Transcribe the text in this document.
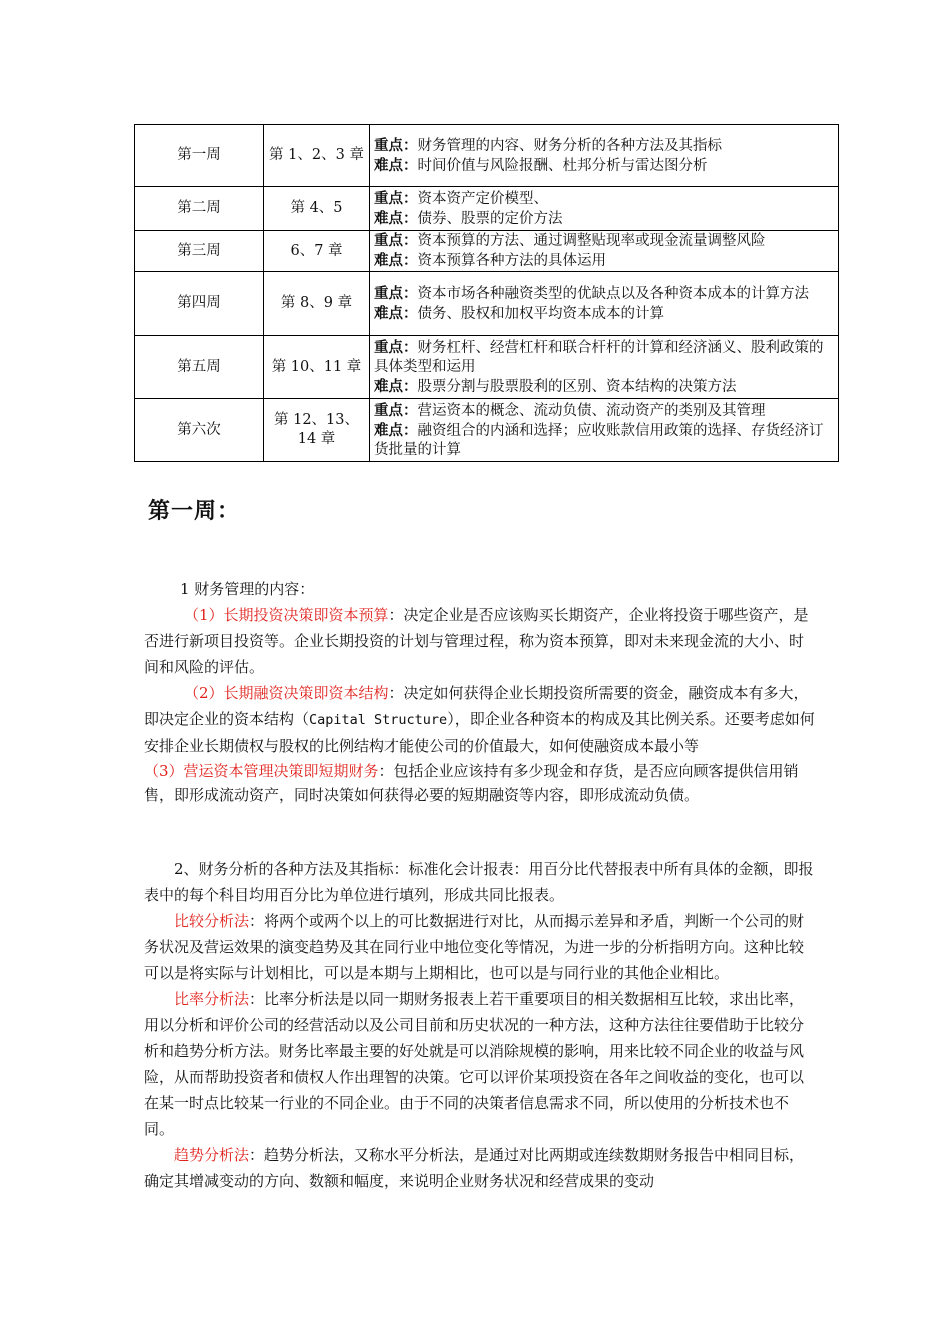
第一周	第 1、2、3 章	重点：财务管理的内容、财务分析的各种方法及其指标
难点：时间价值与风险报酬、杜邦分析与雷达图分析
第二周	第 4、5	重点：资本资产定价模型、
难点：债券、股票的定价方法
第三周	6、7 章	重点：资本预算的方法、通过调整贴现率或现金流量调整风险
难点：资本预算各种方法的具体运用
第四周	第 8、9 章	重点：资本市场各种融资类型的优缺点以及各种资本成本的计算方法
难点：债务、股权和加权平均资本成本的计算
第五周	第 10、11 章	重点：财务杠杆、经营杠杆和联合杆杆的计算和经济涵义、股利政策的具体类型和运用
难点：股票分割与股票股利的区别、资本结构的决策方法
第六次	第 12、13、14 章	重点：营运资本的概念、流动负债、流动资产的类别及其管理
难点：融资组合的内涵和选择；应收账款信用政策的选择、存货经济订货批量的计算
第一周：

1 财务管理的内容：

（1）长期投资决策即资本预算：决定企业是否应该购买长期资产，企业将投资于哪些资产，是否进行新项目投资等。企业长期投资的计划与管理过程，称为资本预算，即对未来现金流的大小、时间和风险的评估。

（2）长期融资决策即资本结构：决定如何获得企业长期投资所需要的资金，融资成本有多大，即决定企业的资本结构（Capital Structure），即企业各种资本的构成及其比例关系。还要考虑如何安排企业长期债权与股权的比例结构才能使公司的价值最大，如何使融资成本最小等

（3）营运资本管理决策即短期财务：包括企业应该持有多少现金和存货，是否应向顾客提供信用销售，即形成流动资产，同时决策如何获得必要的短期融资等内容，即形成流动负债。

2、财务分析的各种方法及其指标：标准化会计报表：用百分比代替报表中所有具体的金额，即报表中的每个科目均用百分比为单位进行填列，形成共同比报表。

比较分析法：将两个或两个以上的可比数据进行对比，从而揭示差异和矛盾，判断一个公司的财务状况及营运效果的演变趋势及其在同行业中地位变化等情况，为进一步的分析指明方向。这种比较可以是将实际与计划相比，可以是本期与上期相比，也可以是与同行业的其他企业相比。

比率分析法：比率分析法是以同一期财务报表上若干重要项目的相关数据相互比较，求出比率，用以分析和评价公司的经营活动以及公司目前和历史状况的一种方法，这种方法往往要借助于比较分析和趋势分析方法。财务比率最主要的好处就是可以消除规模的影响，用来比较不同企业的收益与风险，从而帮助投资者和债权人作出理智的决策。它可以评价某项投资在各年之间收益的变化，也可以在某一时点比较某一行业的不同企业。由于不同的决策者信息需求不同，所以使用的分析技术也不同。

趋势分析法：趋势分析法，又称水平分析法，是通过对比两期或连续数期财务报告中相同目标，确定其增减变动的方向、数额和幅度，来说明企业财务状况和经营成果的变动
